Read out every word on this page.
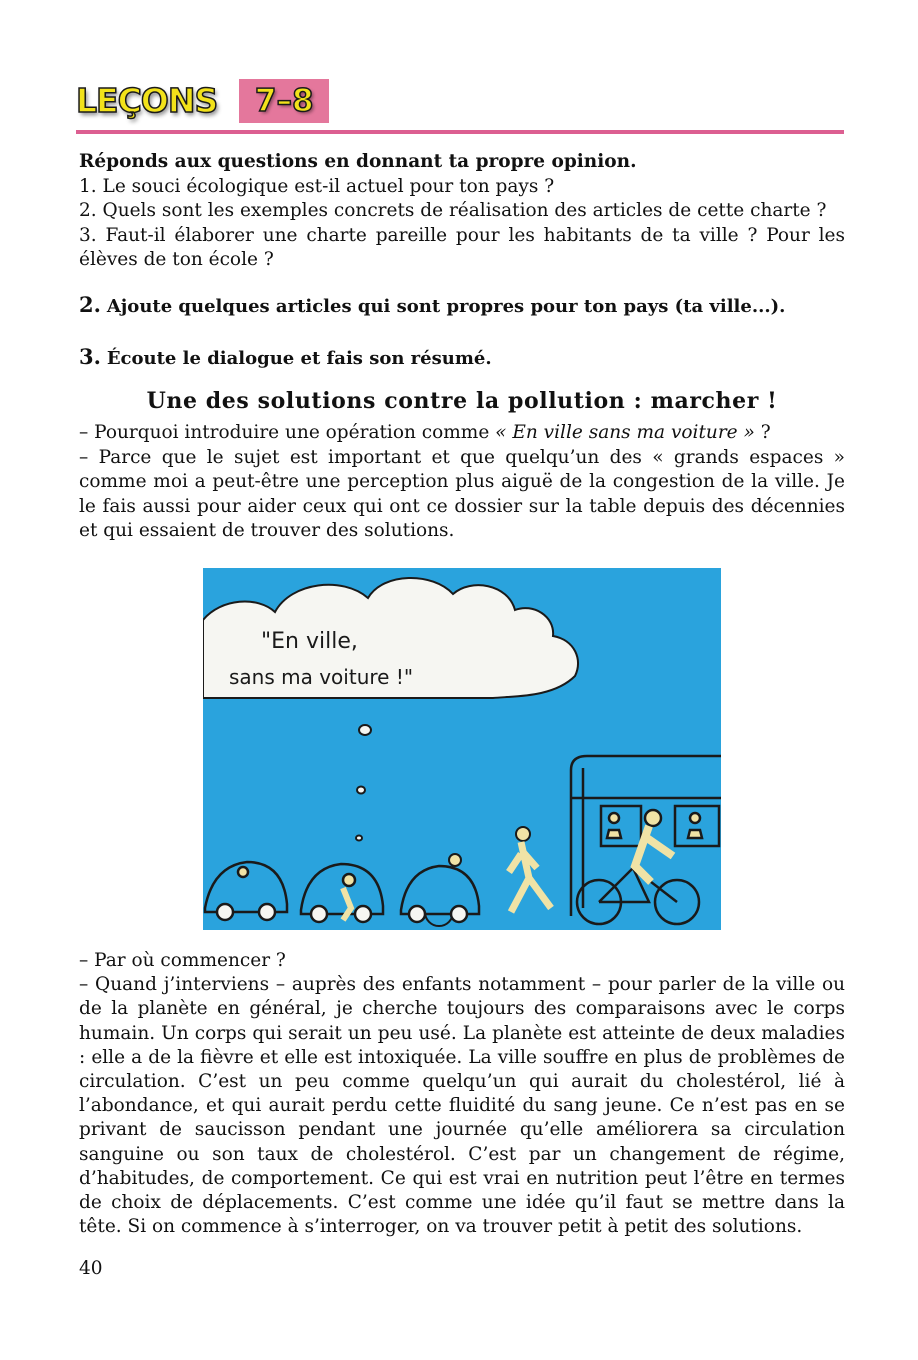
LEÇONS	7–8

Réponds aux questions en donnant ta propre opinion.

1. Le souci écologique est-il actuel pour ton pays ?

2. Quels sont les exemples concrets de réalisation des articles de cette charte ?

3. Faut-il élaborer une charte pareille pour les habitants de ta ville ? Pour les élèves de ton école ?

2. Ajoute quelques articles qui sont propres pour ton pays (ta ville...).

3. Écoute le dialogue et fais son résumé.

Une des solutions contre la pollution : marcher !

– Pourquoi introduire une opération comme « En ville sans ma voiture » ?

– Parce que le sujet est important et que quelqu’un des « grands espaces » comme moi a peut-être une perception plus aiguë de la congestion de la ville. Je le fais aussi pour aider ceux qui ont ce dossier sur la table depuis des décennies et qui essaient de trouver des solutions.

"En ville,
sans ma voiture !"

– Par où commencer ?

– Quand j’interviens – auprès des enfants notamment – pour parler de la ville ou de la planète en général, je cherche toujours des comparaisons avec le corps humain. Un corps qui serait un peu usé. La planète est atteinte de deux maladies : elle a de la fièvre et elle est intoxiquée. La ville souffre en plus de problèmes de circulation. C’est un peu comme quelqu’un qui aurait du cholestérol, lié à l’abondance, et qui aurait perdu cette fluidité du sang jeune. Ce n’est pas en se privant de saucisson pendant une journée qu’elle améliorera sa circulation sanguine ou son taux de cholestérol. C’est par un changement de régime, d’habitudes, de comportement. Ce qui est vrai en nutrition peut l’être en termes de choix de déplacements. C’est comme une idée qu’il faut se mettre dans la tête. Si on commence à s’interroger, on va trouver petit à petit des solutions.

40
